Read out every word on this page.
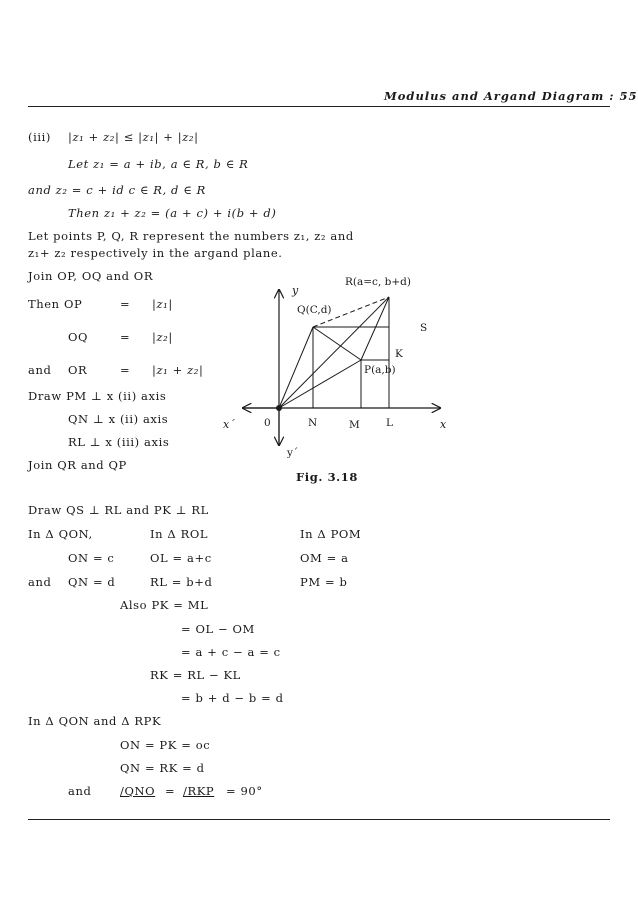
Modulus and Argand Diagram : 55
(iii) |z₁ + z₂| ≤ |z₁| + |z₂|
Let z₁ = a + ib, a ∈ R, b ∈ R
and z₂ = c + id c ∈ R, d ∈ R
Then z₁ + z₂ = (a + c) + i(b + d)
Let points P, Q, R represent the numbers z₁, z₂ and
z₁+ z₂ respectively in the argand plane.
Join OP, OQ and OR
Then OP	= |z₁|
OQ	= |z₂|
and OR	= |z₁ + z₂|
Draw PM ⊥ x (ii) axis
QN ⊥ x (ii) axis
RL ⊥ x (iii) axis
Join QR and QP
R(a=c, b+d)
Q(C,d)
P(a,b)
S
K
y
y´
x
x´	0	N	M L
Fig. 3.18
Draw QS ⊥ RL and PK ⊥ RL
In Δ QON,	In Δ ROL	In Δ POM
ON = c	OL = a+c	OM = a
and QN = d	RL = b+d	PM = b
Also PK = ML
= OL − OM
= a + c − a = c
RK = RL − KL
= b + d − b = d
In Δ QON and Δ RPK
ON = PK = oc
QN = RK = d
and /QNO = /RKP = 90°
